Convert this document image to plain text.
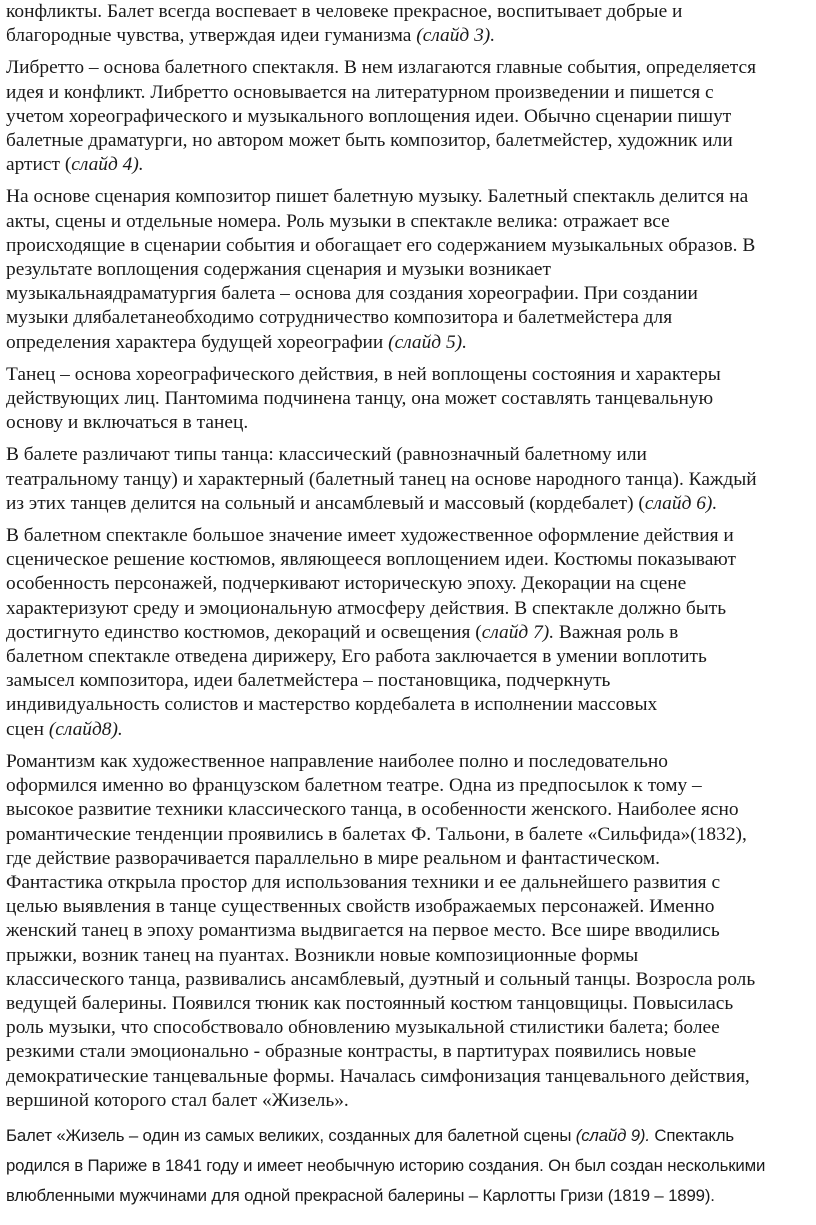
конфликты. Балет всегда воспевает в человеке прекрасное, воспитывает добрые и
благородные чувства, утверждая идеи гуманизма (слайд 3).

Либретто – основа балетного спектакля. В нем излагаются главные события, определяется
идея и конфликт. Либретто основывается на литературном произведении и пишется с
учетом хореографического и музыкального воплощения идеи. Обычно сценарии пишут
балетные драматурги, но автором может быть композитор, балетмейстер, художник или
артист (слайд 4).

На основе сценария композитор пишет балетную музыку. Балетный спектакль делится на
акты, сцены и отдельные номера. Роль музыки в спектакле велика: отражает все
происходящие в сценарии события и обогащает его содержанием музыкальных образов. В
результате воплощения содержания сценария и музыки возникает
музыкальнаядраматургия балета – основа для создания хореографии. При создании
музыки длябалетанеобходимо сотрудничество композитора и балетмейстера для
определения характера будущей хореографии (слайд 5).

Танец – основа хореографического действия, в ней воплощены состояния и характеры
действующих лиц. Пантомима подчинена танцу, она может составлять танцевальную
основу и включаться в танец.

В балете различают типы танца: классический (равнозначный балетному или
театральному танцу) и характерный (балетный танец на основе народного танца). Каждый
из этих танцев делится на сольный и ансамблевый и массовый (кордебалет) (слайд 6).

В балетном спектакле большое значение имеет художественное оформление действия и
сценическое решение костюмов, являющееся воплощением идеи. Костюмы показывают
особенность персонажей, подчеркивают историческую эпоху. Декорации на сцене
характеризуют среду и эмоциональную атмосферу действия. В спектакле должно быть
достигнуто единство костюмов, декораций и освещения (слайд 7). Важная роль в
балетном спектакле отведена дирижеру, Его работа заключается в умении воплотить
замысел композитора, идеи балетмейстера – постановщика, подчеркнуть
индивидуальность солистов и мастерство кордебалета в исполнении массовых
сцен (слайд8).

Романтизм как художественное направление наиболее полно и последовательно
оформился именно во французском балетном театре. Одна из предпосылок к тому –
высокое развитие техники классического танца, в особенности женского. Наиболее ясно
романтические тенденции проявились в балетах Ф. Тальони, в балете «Сильфида»(1832),
где действие разворачивается параллельно в мире реальном и фантастическом.
Фантастика открыла простор для использования техники и ее дальнейшего развития с
целью выявления в танце существенных свойств изображаемых персонажей. Именно
женский танец в эпоху романтизма выдвигается на первое место. Все шире вводились
прыжки, возник танец на пуантах. Возникли новые композиционные формы
классического танца, развивались ансамблевый, дуэтный и сольный танцы. Возросла роль
ведущей балерины. Появился тюник как постоянный костюм танцовщицы. Повысилась
роль музыки, что способствовало обновлению музыкальной стилистики балета; более
резкими стали эмоционально - образные контрасты, в партитурах появились новые
демократические танцевальные формы. Началась симфонизация танцевального действия,
вершиной которого стал балет «Жизель».

Балет «Жизель – один из самых великих, созданных для балетной сцены (слайд 9). Спектакль
родился в Париже в 1841 году и имеет необычную историю создания. Он был создан несколькими
влюбленными мужчинами для одной прекрасной балерины – Карлотты Гризи (1819 – 1899).
